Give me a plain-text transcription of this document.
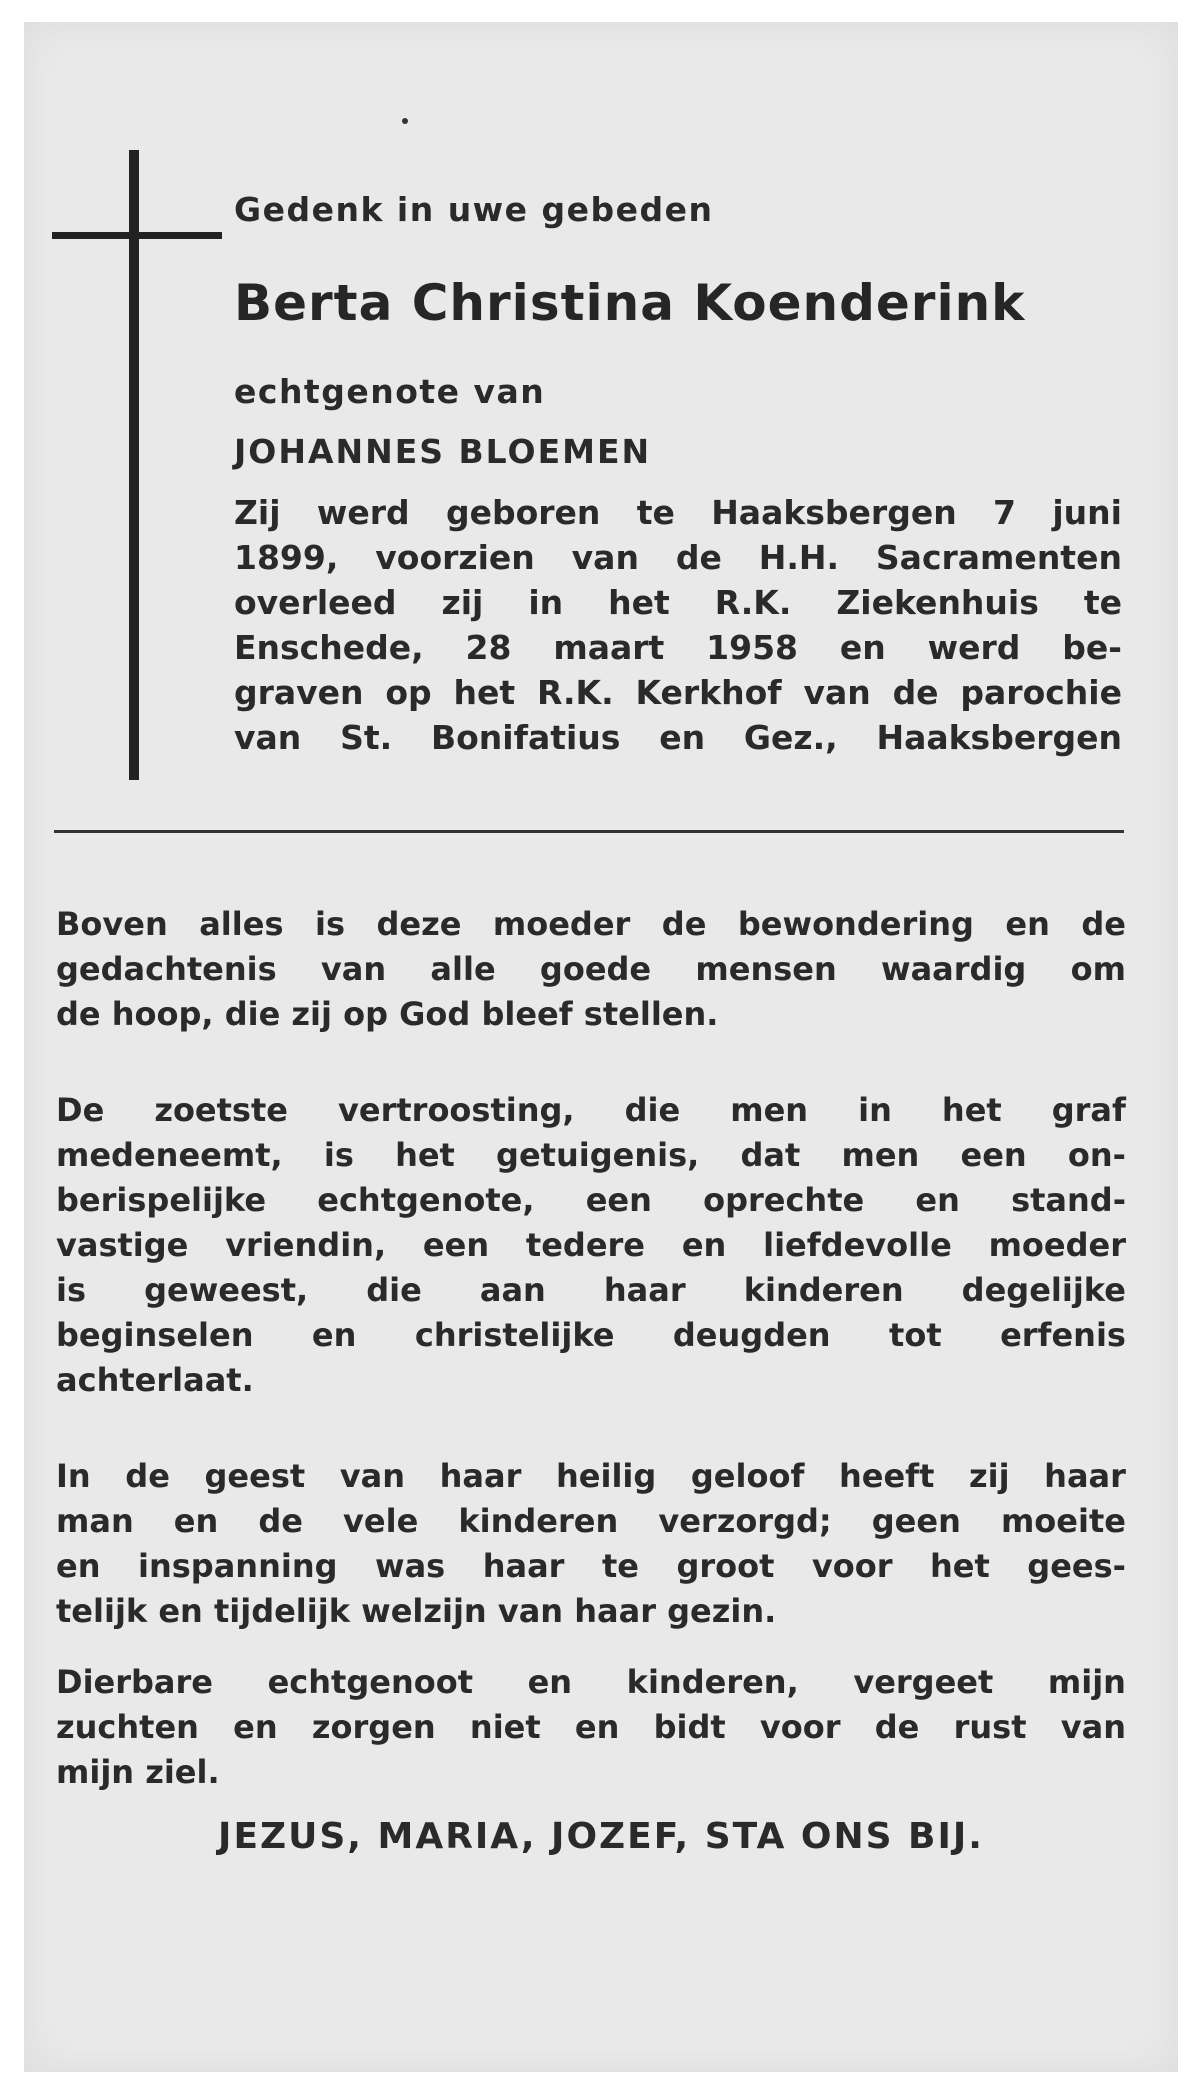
Gedenk in uwe gebeden

Berta Christina Koenderink

echtgenote van

JOHANNES BLOEMEN

Zij werd geboren te Haaksbergen 7 juni
1899, voorzien van de H.H. Sacramenten
overleed zij in het R.K. Ziekenhuis te
Enschede, 28 maart 1958 en werd be-
graven op het R.K. Kerkhof van de parochie
van St. Bonifatius en Gez., Haaksbergen
Boven alles is deze moeder de bewondering en de
gedachtenis van alle goede mensen waardig om
de hoop, die zij op God bleef stellen.
De zoetste vertroosting, die men in het graf
medeneemt, is het getuigenis, dat men een on-
berispelijke echtgenote, een oprechte en stand-
vastige vriendin, een tedere en liefdevolle moeder
is geweest, die aan haar kinderen degelijke
beginselen en christelijke deugden tot erfenis
achterlaat.
In de geest van haar heilig geloof heeft zij haar
man en de vele kinderen verzorgd; geen moeite
en inspanning was haar te groot voor het gees-
telijk en tijdelijk welzijn van haar gezin.
Dierbare echtgenoot en kinderen, vergeet mijn
zuchten en zorgen niet en bidt voor de rust van
mijn ziel.

JEZUS, MARIA, JOZEF, STA ONS BIJ.
